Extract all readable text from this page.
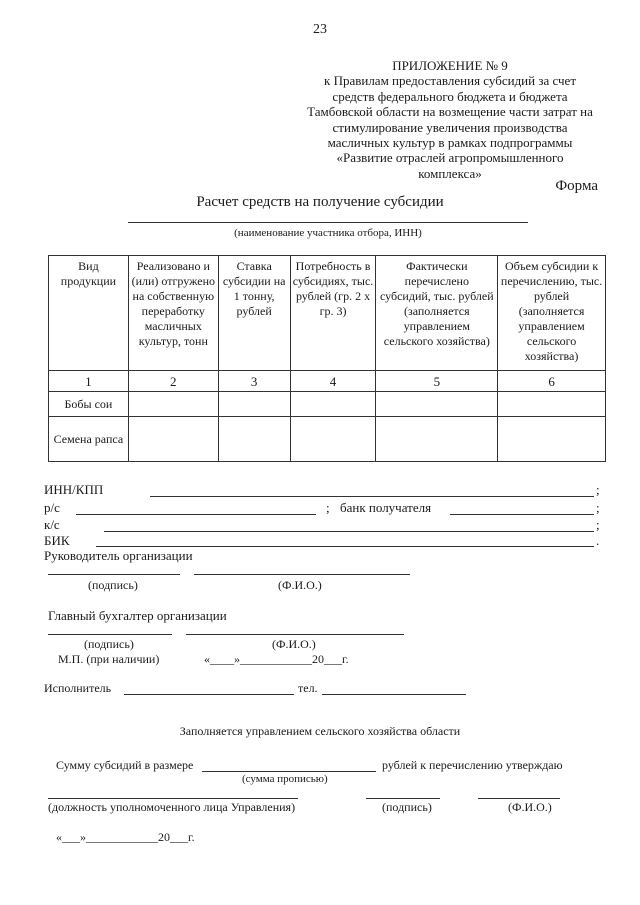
23
ПРИЛОЖЕНИЕ № 9
к Правилам предоставления субсидий за счет
средств федерального бюджета и бюджета
Тамбовской области на возмещение части затрат на
стимулирование увеличения производства
масличных культур в рамках подпрограммы
«Развитие отраслей агропромышленного
комплекса»
Форма
Расчет средств на получение субсидии
(наименование участника отбора, ИНН)
Вид продукции	Реализовано и (или) отгружено на собственную переработку масличных культур, тонн	Ставка субсидии на 1 тонну, рублей	Потребность в субсидиях, тыс. рублей (гр. 2 х гр. 3)	Фактически перечислено субсидий, тыс. рублей (заполняется управлением сельского хозяйства)	Объем субсидии к перечислению, тыс. рублей (заполняется управлением сельского хозяйства)
1	2	3	4	5	6
Бобы сои					
Семена рапса					
ИНН/КПП	;
р/с	; банк получателя	;
к/с	;
БИК	.
Руководитель организации
(подпись)	(Ф.И.О.)
Главный бухгалтер организации
(подпись)	(Ф.И.О.)
М.П. (при наличии)	«____»____________20___г.
Исполнитель	тел.
Заполняется управлением сельского хозяйства области
Сумму субсидий в размере	рублей к перечислению утверждаю
(сумма прописью)
(должность уполномоченного лица Управления)	(подпись)	(Ф.И.О.)
«___»____________20___г.
